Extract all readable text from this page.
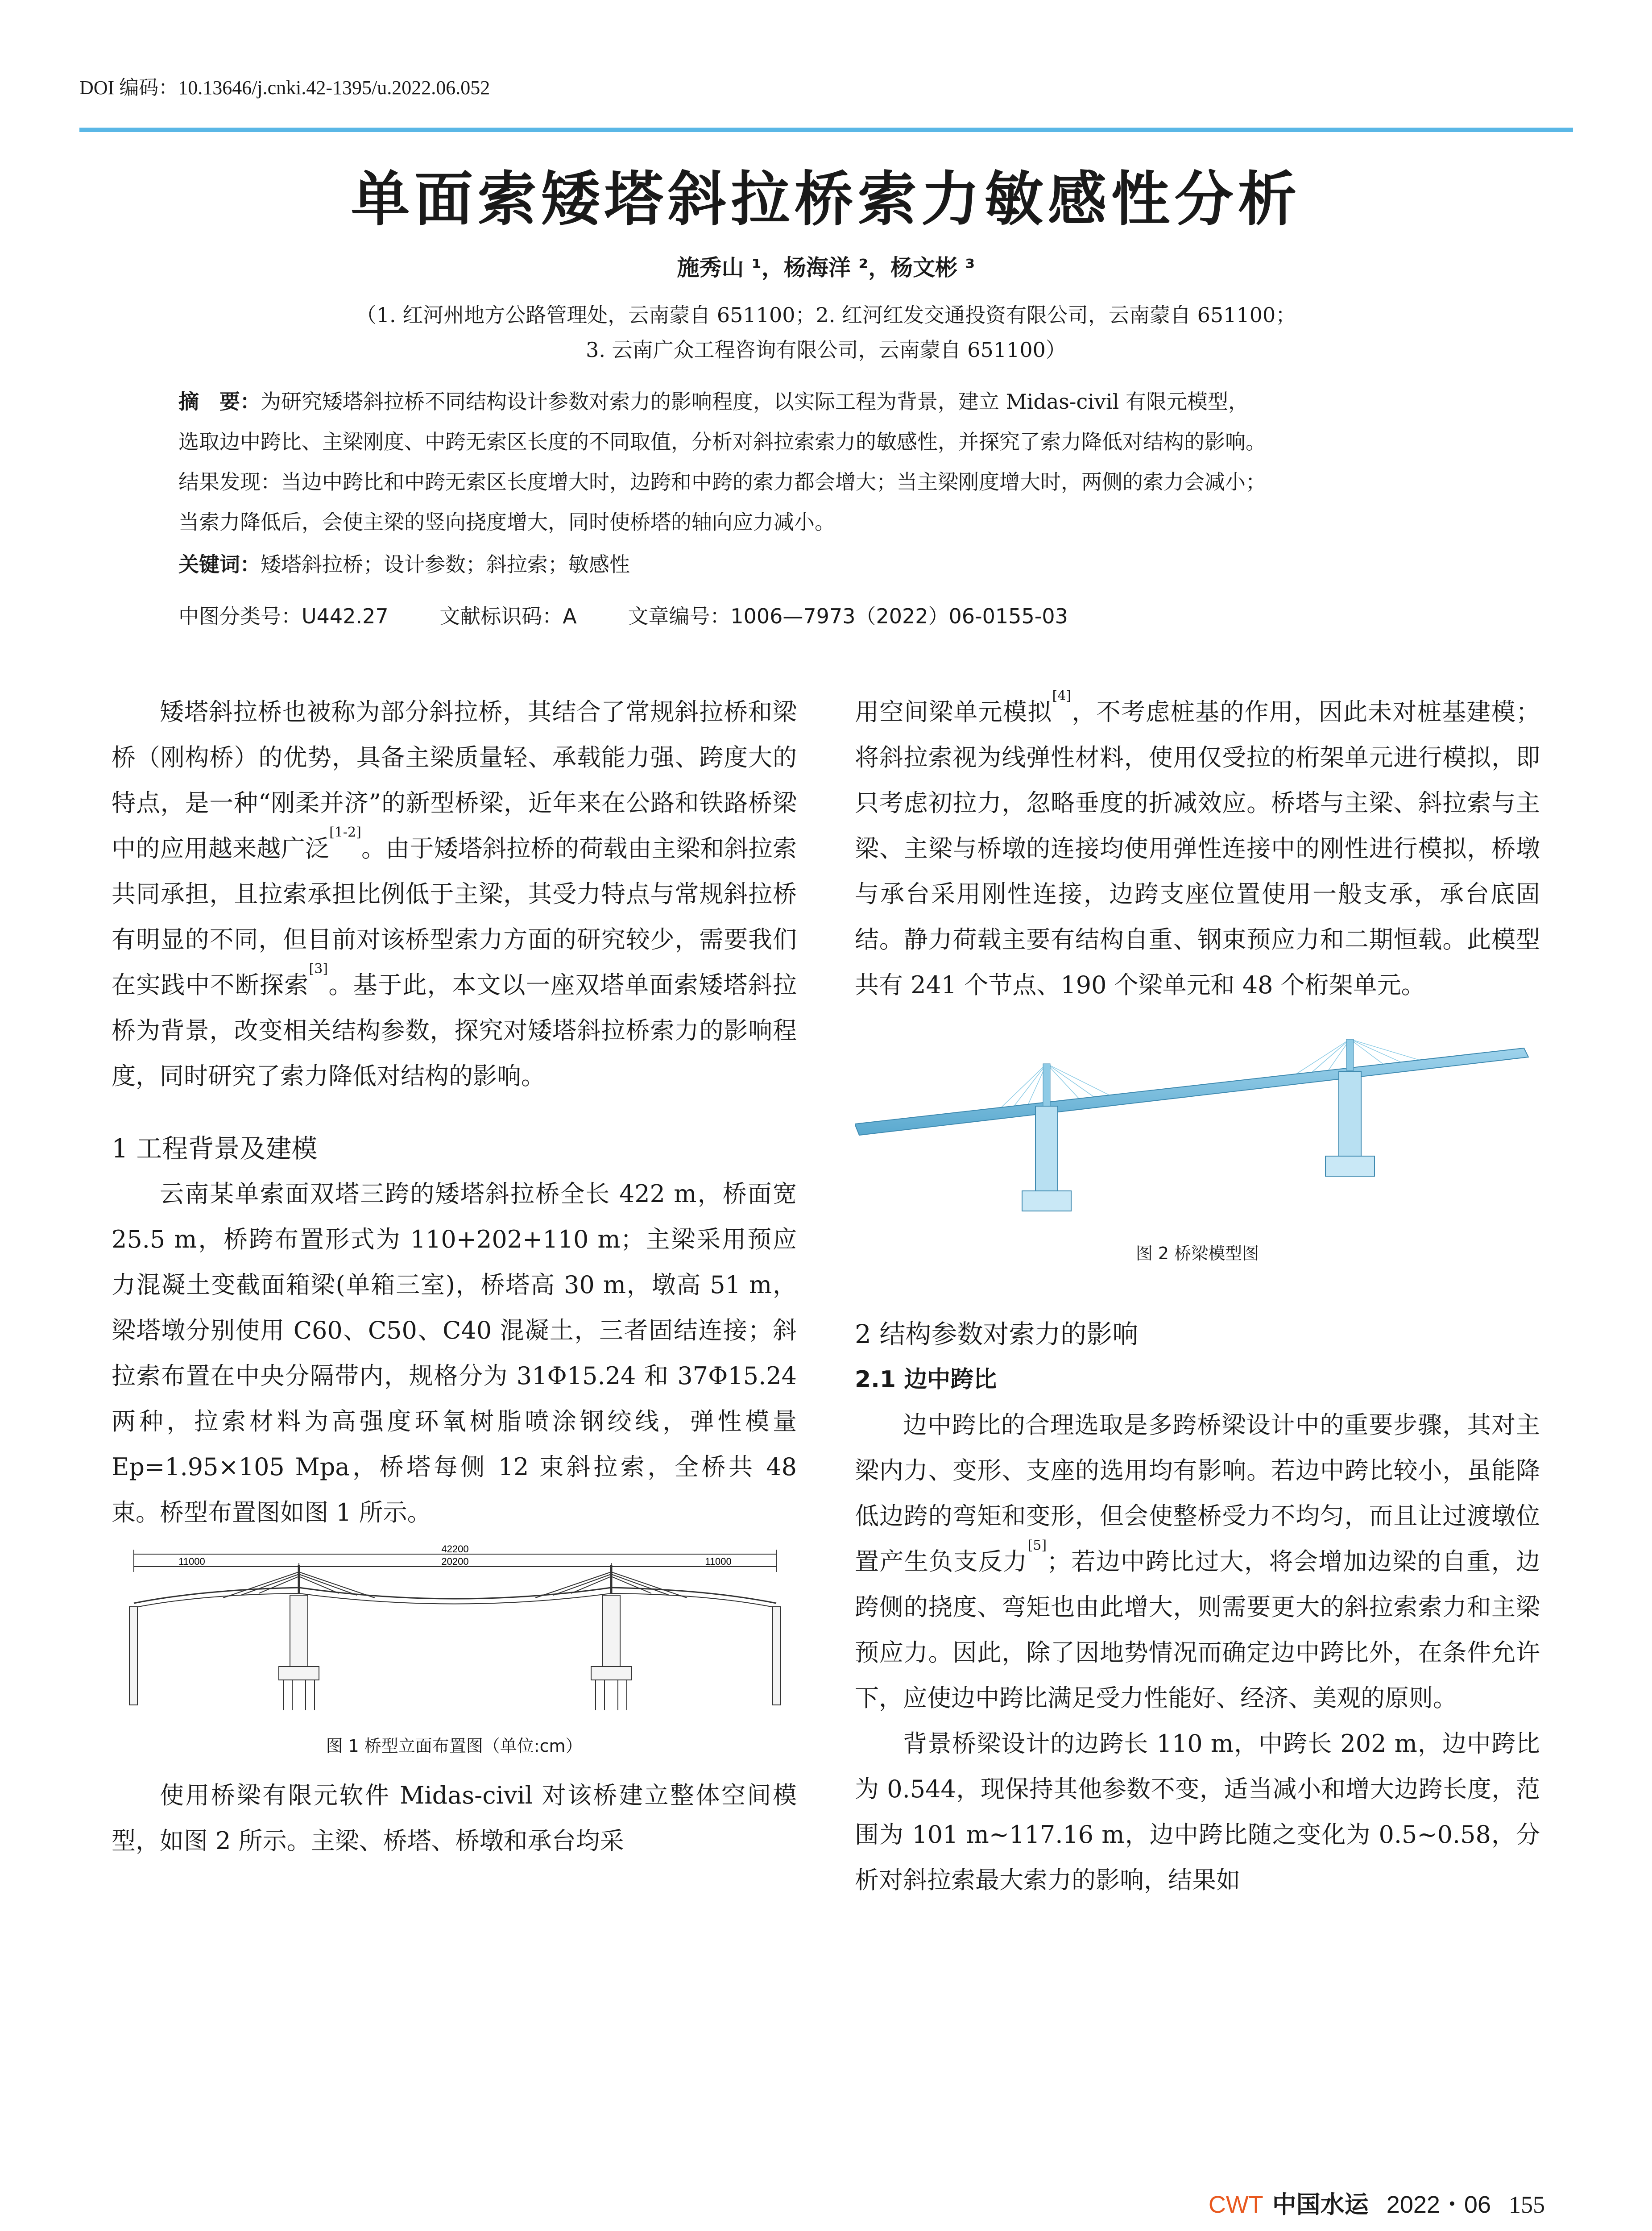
DOI 编码：10.13646/j.cnki.42-1395/u.2022.06.052
单面索矮塔斜拉桥索力敏感性分析
施秀山 ¹，杨海洋 ²，杨文彬 ³
（1. 红河州地方公路管理处，云南蒙自 651100；2. 红河红发交通投资有限公司，云南蒙自 651100；
3. 云南广众工程咨询有限公司，云南蒙自 651100）
摘　要：为研究矮塔斜拉桥不同结构设计参数对索力的影响程度，以实际工程为背景，建立 Midas-civil 有限元模型，
选取边中跨比、主梁刚度、中跨无索区长度的不同取值，分析对斜拉索索力的敏感性，并探究了索力降低对结构的影响。
结果发现：当边中跨比和中跨无索区长度增大时，边跨和中跨的索力都会增大；当主梁刚度增大时，两侧的索力会减小；
当索力降低后，会使主梁的竖向挠度增大，同时使桥塔的轴向应力减小。
关键词：矮塔斜拉桥；设计参数；斜拉索；敏感性
中图分类号：U442.27 文献标识码：A 文章编号：1006—7973（2022）06-0155-03

矮塔斜拉桥也被称为部分斜拉桥，其结合了常规斜拉桥和梁桥（刚构桥）的优势，具备主梁质量轻、承载能力强、跨度大的特点，是一种“刚柔并济”的新型桥梁，近年来在公路和铁路桥梁中的应用越来越广泛[1-2]。由于矮塔斜拉桥的荷载由主梁和斜拉索共同承担，且拉索承担比例低于主梁，其受力特点与常规斜拉桥有明显的不同，但目前对该桥型索力方面的研究较少，需要我们在实践中不断探索[3]。基于此，本文以一座双塔单面索矮塔斜拉桥为背景，改变相关结构参数，探究对矮塔斜拉桥索力的影响程度，同时研究了索力降低对结构的影响。

1 工程背景及建模

云南某单索面双塔三跨的矮塔斜拉桥全长 422 m，桥面宽 25.5 m，桥跨布置形式为 110+202+110 m；主梁采用预应力混凝土变截面箱梁(单箱三室)，桥塔高 30 m，墩高 51 m，梁塔墩分别使用 C60、C50、C40 混凝土，三者固结连接；斜拉索布置在中央分隔带内，规格分为 31Φ15.24 和 37Φ15.24 两种，拉索材料为高强度环氧树脂喷涂钢绞线，弹性模量 Ep=1.95×105 Mpa，桥塔每侧 12 束斜拉索，全桥共 48 束。桥型布置图如图 1 所示。

42200
20200
11000	11000

图 1 桥型立面布置图（单位:cm）

使用桥梁有限元软件 Midas-civil 对该桥建立整体空间模型，如图 2 所示。主梁、桥塔、桥墩和承台均采

用空间梁单元模拟[4]，不考虑桩基的作用，因此未对桩基建模；将斜拉索视为线弹性材料，使用仅受拉的桁架单元进行模拟，即只考虑初拉力，忽略垂度的折减效应。桥塔与主梁、斜拉索与主梁、主梁与桥墩的连接均使用弹性连接中的刚性进行模拟，桥墩与承台采用刚性连接，边跨支座位置使用一般支承，承台底固结。静力荷载主要有结构自重、钢束预应力和二期恒载。此模型共有 241 个节点、190 个梁单元和 48 个桁架单元。

图 2 桥梁模型图

2 结构参数对索力的影响

2.1 边中跨比

边中跨比的合理选取是多跨桥梁设计中的重要步骤，其对主梁内力、变形、支座的选用均有影响。若边中跨比较小，虽能降低边跨的弯矩和变形，但会使整桥受力不均匀，而且让过渡墩位置产生负支反力[5]；若边中跨比过大，将会增加边梁的自重，边跨侧的挠度、弯矩也由此增大，则需要更大的斜拉索索力和主梁预应力。因此，除了因地势情况而确定边中跨比外，在条件允许下，应使边中跨比满足受力性能好、经济、美观的原则。

背景桥梁设计的边跨长 110 m，中跨长 202 m，边中跨比为 0.544，现保持其他参数不变，适当减小和增大边跨长度，范围为 101 m~117.16 m，边中跨比随之变化为 0.5~0.58，分析对斜拉索最大索力的影响，结果如

CWT 中国水运 2022・06 155
